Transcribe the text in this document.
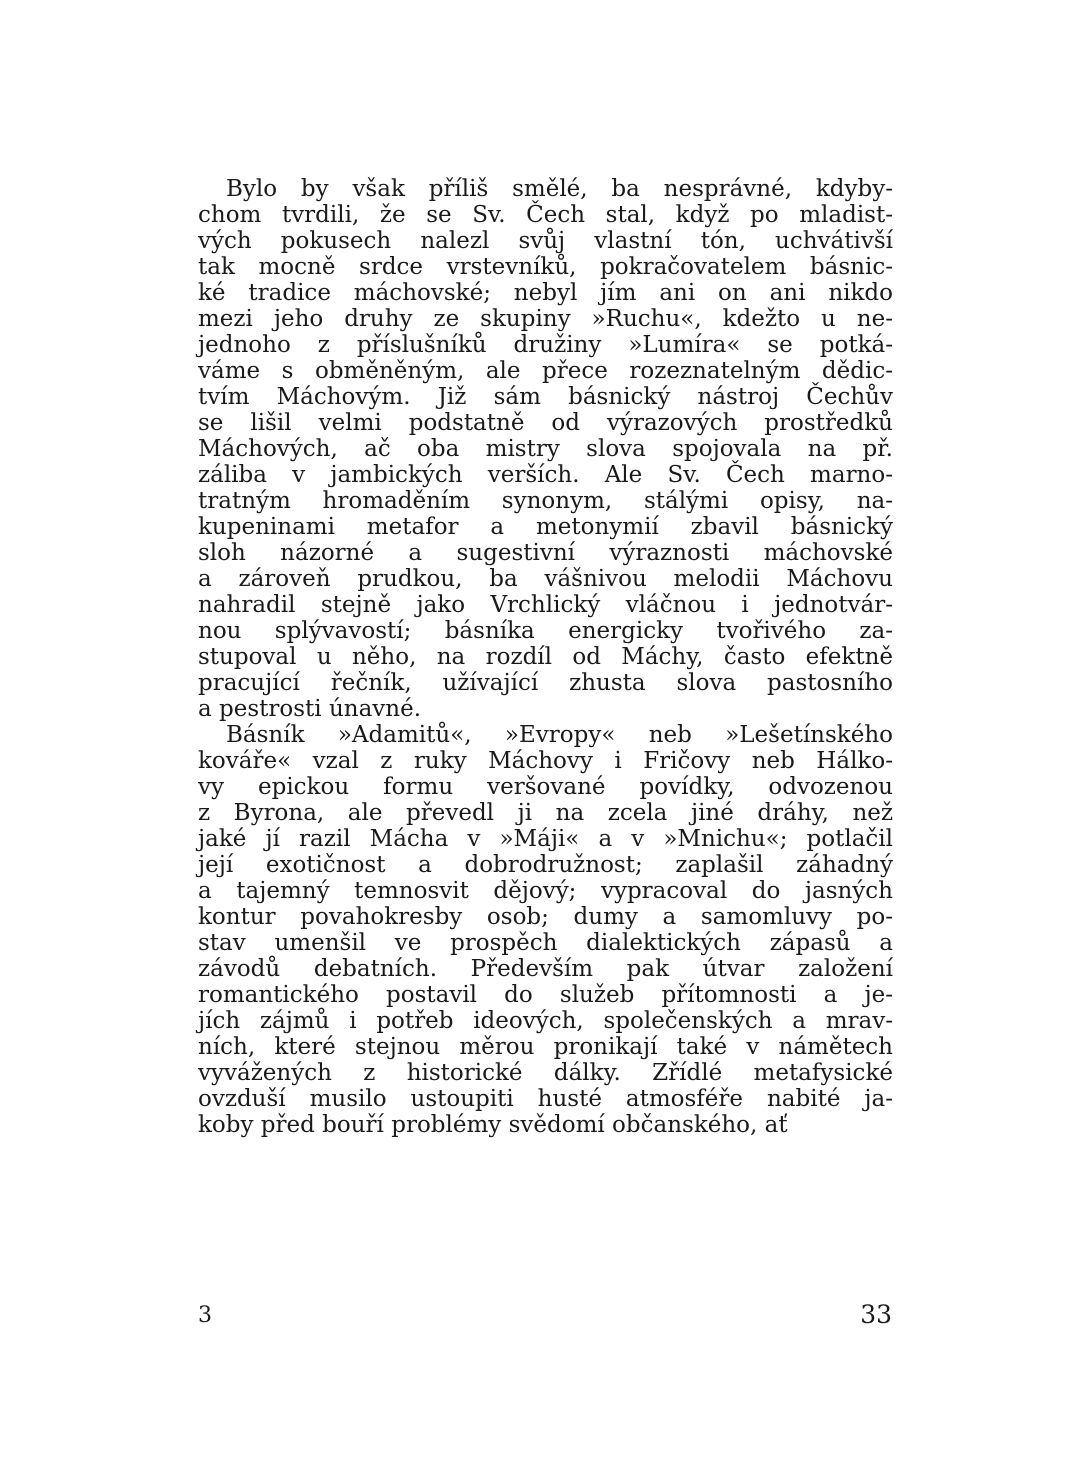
Bylo by však příliš smělé, ba nesprávné, kdyby-
chom tvrdili, že se Sv. Čech stal, když po mladist-
vých pokusech nalezl svůj vlastní tón, uchvátivší
tak mocně srdce vrstevníků, pokračovatelem básnic-
ké tradice máchovské; nebyl jím ani on ani nikdo
mezi jeho druhy ze skupiny »Ruchu«, kdežto u ne-
jednoho z příslušníků družiny »Lumíra« se potká-
váme s obměněným, ale přece rozeznatelným dědic-
tvím Máchovým. Již sám básnický nástroj Čechův
se lišil velmi podstatně od výrazových prostředků
Máchových, ač oba mistry slova spojovala na př.
záliba v jambických verších. Ale Sv. Čech marno-
tratným hromaděním synonym, stálými opisy, na-
kupeninami metafor a metonymií zbavil básnický
sloh názorné a sugestivní výraznosti máchovské
a zároveň prudkou, ba vášnivou melodii Máchovu
nahradil stejně jako Vrchlický vláčnou i jednotvár-
nou splývavostí; básníka energicky tvořivého za-
stupoval u něho, na rozdíl od Máchy, často efektně
pracující řečník, užívající zhusta slova pastosního
a pestrosti únavné.
Básník »Adamitů«, »Evropy« neb »Lešetínského
kováře« vzal z ruky Máchovy i Fričovy neb Hálko-
vy epickou formu veršované povídky, odvozenou
z Byrona, ale převedl ji na zcela jiné dráhy, než
jaké jí razil Mácha v »Máji« a v »Mnichu«; potlačil
její exotičnost a dobrodružnost; zaplašil záhadný
a tajemný temnosvit dějový; vypracoval do jasných
kontur povahokresby osob; dumy a samomluvy po-
stav umenšil ve prospěch dialektických zápasů a
závodů debatních. Především pak útvar založení
romantického postavil do služeb přítomnosti a je-
jích zájmů i potřeb ideových, společenských a mrav-
ních, které stejnou měrou pronikají také v námětech
vyvážených z historické dálky. Zřídlé metafysické
ovzduší musilo ustoupiti husté atmosféře nabité ja-
koby před bouří problémy svědomí občanského, ať
3	33
